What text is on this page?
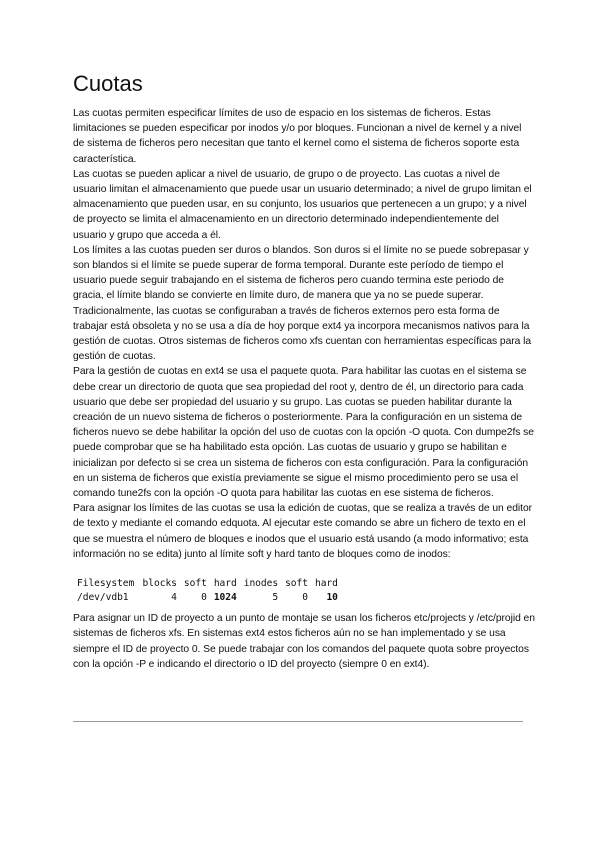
Cuotas

Las cuotas permiten especificar límites de uso de espacio en los sistemas de ficheros. Estas limitaciones se pueden especificar por inodos y/o por bloques. Funcionan a nivel de kernel y a nivel de sistema de ficheros pero necesitan que tanto el kernel como el sistema de ficheros soporte esta característica.

Las cuotas se pueden aplicar a nivel de usuario, de grupo o de proyecto. Las cuotas a nivel de usuario limitan el almacenamiento que puede usar un usuario determinado; a nivel de grupo limitan el almacenamiento que pueden usar, en su conjunto, los usuarios que pertenecen a un grupo; y a nivel de proyecto se limita el almacenamiento en un directorio determinado independientemente del usuario y grupo que acceda a él.

Los límites a las cuotas pueden ser duros o blandos. Son duros si el límite no se puede sobrepasar y son blandos si el límite se puede superar de forma temporal. Durante este período de tiempo el usuario puede seguir trabajando en el sistema de ficheros pero cuando termina este periodo de gracia, el límite blando se convierte en límite duro, de manera que ya no se puede superar.

Tradicionalmente, las cuotas se configuraban a través de ficheros externos pero esta forma de trabajar está obsoleta y no se usa a día de hoy porque ext4 ya incorpora mecanismos nativos para la gestión de cuotas. Otros sistemas de ficheros como xfs cuentan con herramientas específicas para la gestión de cuotas.

Para la gestión de cuotas en ext4 se usa el paquete quota. Para habilitar las cuotas en el sistema se debe crear un directorio de quota que sea propiedad del root y, dentro de él, un directorio para cada usuario que debe ser propiedad del usuario y su grupo. Las cuotas se pueden habilitar durante la creación de un nuevo sistema de ficheros o posteriormente. Para la configuración en un sistema de ficheros nuevo se debe habilitar la opción del uso de cuotas con la opción -O quota. Con dumpe2fs se puede comprobar que se ha habilitado esta opción. Las cuotas de usuario y grupo se habilitan e inicializan por defecto si se crea un sistema de ficheros con esta configuración. Para la configuración en un sistema de ficheros que existía previamente se sigue el mismo procedimiento pero se usa el comando tune2fs con la opción -O quota para habilitar las cuotas en ese sistema de ficheros.

Para asignar los límites de las cuotas se usa la edición de cuotas, que se realiza a través de un editor de texto y mediante el comando edquota. Al ejecutar este comando se abre un fichero de texto en el que se muestra el número de bloques e inodos que el usuario está usando (a modo informativo; esta información no se edita) junto al límite soft y hard tanto de bloques como de inodos:

Filesystem	blocks	soft	hard	inodes	soft	hard
/dev/vdb1	4	0	1024	5	0	10

Para asignar un ID de proyecto a un punto de montaje se usan los ficheros etc/projects y /etc/projid en sistemas de ficheros xfs. En sistemas ext4 estos ficheros aún no se han implementado y se usa siempre el ID de proyecto 0. Se puede trabajar con los comandos del paquete quota sobre proyectos con la opción -P e indicando el directorio o ID del proyecto (siempre 0 en ext4).
